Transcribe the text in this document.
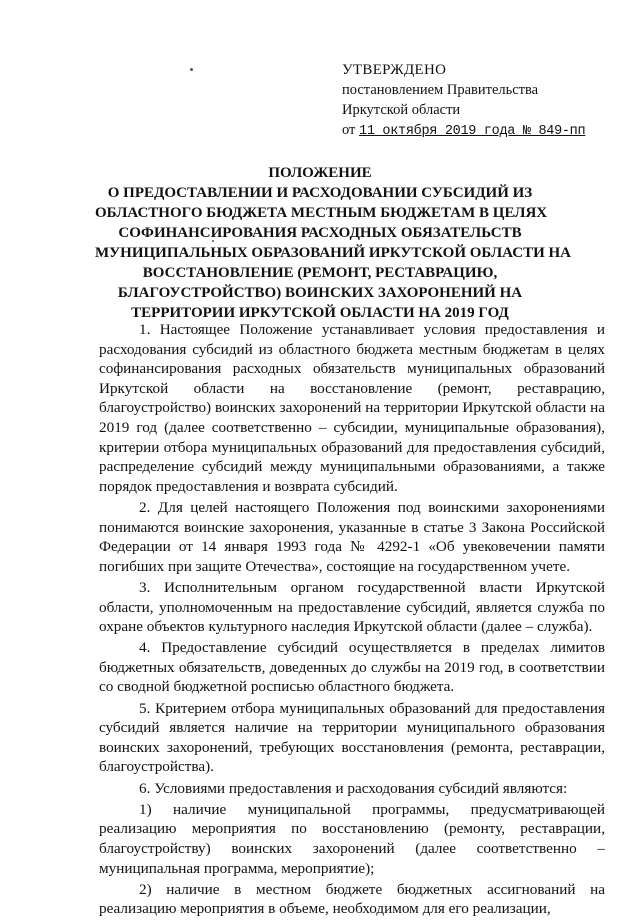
УТВЕРЖДЕНО
постановлением Правительства
Иркутской области
от 11 октября 2019 года № 849-пп
ПОЛОЖЕНИЕ
О ПРЕДОСТАВЛЕНИИ И РАСХОДОВАНИИ СУБСИДИЙ ИЗ
ОБЛАСТНОГО БЮДЖЕТА МЕСТНЫМ БЮДЖЕТАМ В ЦЕЛЯХ
СОФИНАНСИРОВАНИЯ РАСХОДНЫХ ОБЯЗАТЕЛЬСТВ
МУНИЦИПАЛЬНЫХ ОБРАЗОВАНИЙ ИРКУТСКОЙ ОБЛАСТИ НА
ВОССТАНОВЛЕНИЕ (РЕМОНТ, РЕСТАВРАЦИЮ,
БЛАГОУСТРОЙСТВО) ВОИНСКИХ ЗАХОРОНЕНИЙ НА
ТЕРРИТОРИИ ИРКУТСКОЙ ОБЛАСТИ НА 2019 ГОД

1. Настоящее Положение устанавливает условия предоставления и расходования субсидий из областного бюджета местным бюджетам в целях софинансирования расходных обязательств муниципальных образований Иркутской области на восстановление (ремонт, реставрацию, благоустройство) воинских захоронений на территории Иркутской области на 2019 год (далее соответственно – субсидии, муниципальные образования), критерии отбора муниципальных образований для предоставления субсидий, распределение субсидий между муниципальными образованиями, а также порядок предоставления и возврата субсидий.

2. Для целей настоящего Положения под воинскими захоронениями понимаются воинские захоронения, указанные в статье 3 Закона Российской Федерации от 14 января 1993 года № 4292-1 «Об увековечении памяти погибших при защите Отечества», состоящие на государственном учете.

3. Исполнительным органом государственной власти Иркутской области, уполномоченным на предоставление субсидий, является служба по охране объектов культурного наследия Иркутской области (далее – служба).

4. Предоставление субсидий осуществляется в пределах лимитов бюджетных обязательств, доведенных до службы на 2019 год, в соответствии со сводной бюджетной росписью областного бюджета.

5. Критерием отбора муниципальных образований для предоставления субсидий является наличие на территории муниципального образования воинских захоронений, требующих восстановления (ремонта, реставрации, благоустройства).

6. Условиями предоставления и расходования субсидий являются:

1) наличие муниципальной программы, предусматривающей реализацию мероприятия по восстановлению (ремонту, реставрации, благоустройству) воинских захоронений (далее соответственно – муниципальная программа, мероприятие);

2) наличие в местном бюджете бюджетных ассигнований на реализацию мероприятия в объеме, необходимом для его реализации,
